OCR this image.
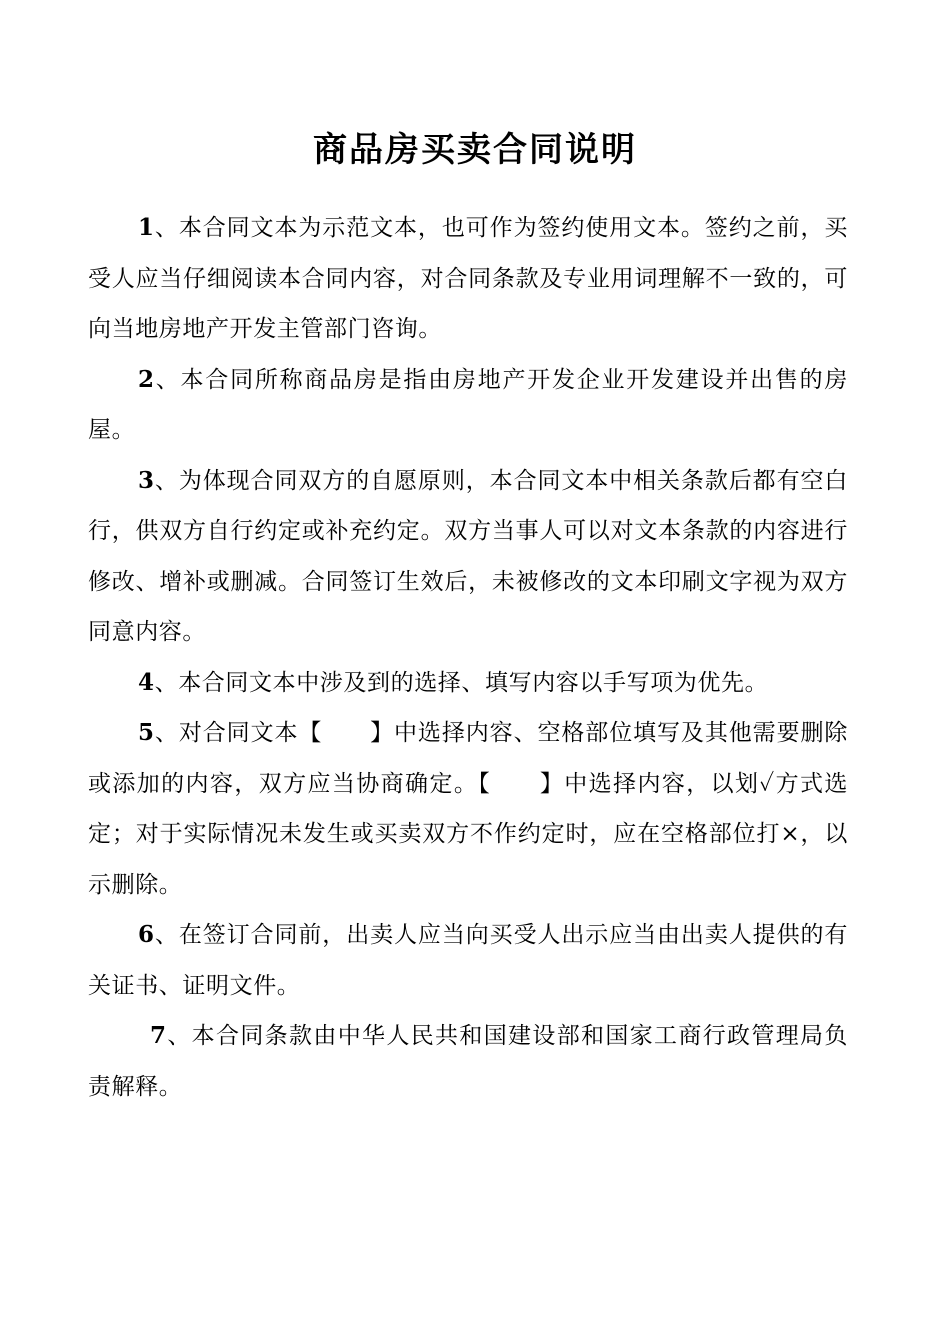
商品房买卖合同说明

1、本合同文本为示范文本，也可作为签约使用文本。签约之前，买受人应当仔细阅读本合同内容，对合同条款及专业用词理解不一致的，可向当地房地产开发主管部门咨询。

2、本合同所称商品房是指由房地产开发企业开发建设并出售的房屋。

3、为体现合同双方的自愿原则，本合同文本中相关条款后都有空白行，供双方自行约定或补充约定。双方当事人可以对文本条款的内容进行修改、增补或删减。合同签订生效后，未被修改的文本印刷文字视为双方同意内容。

4、本合同文本中涉及到的选择、填写内容以手写项为优先。

5、对合同文本【　　】中选择内容、空格部位填写及其他需要删除或添加的内容，双方应当协商确定。【　　】中选择内容，以划✓方式选定；对于实际情况未发生或买卖双方不作约定时，应在空格部位打×，以示删除。

6、在签订合同前，出卖人应当向买受人出示应当由出卖人提供的有关证书、证明文件。

7、本合同条款由中华人民共和国建设部和国家工商行政管理局负责解释。
